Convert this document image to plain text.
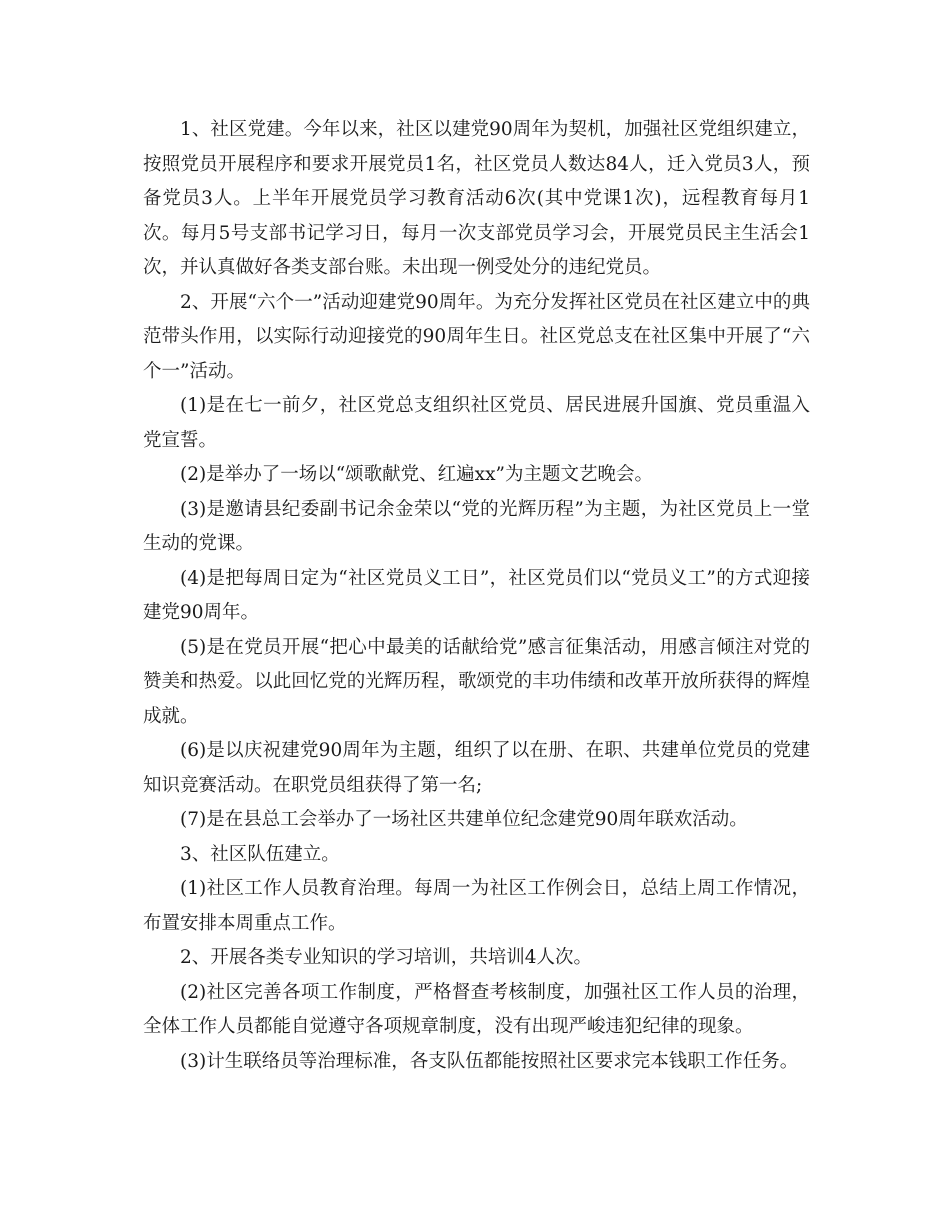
1、社区党建。今年以来，社区以建党90周年为契机，加强社区党组织建立，按照党员开展程序和要求开展党员1名，社区党员人数达84人，迁入党员3人，预备党员3人。上半年开展党员学习教育活动6次(其中党课1次)，远程教育每月1次。每月5号支部书记学习日，每月一次支部党员学习会，开展党员民主生活会1次，并认真做好各类支部台账。未出现一例受处分的违纪党员。

2、开展“六个一”活动迎建党90周年。为充分发挥社区党员在社区建立中的典范带头作用，以实际行动迎接党的90周年生日。社区党总支在社区集中开展了“六个一”活动。

(1)是在七一前夕，社区党总支组织社区党员、居民进展升国旗、党员重温入党宣誓。

(2)是举办了一场以“颂歌献党、红遍xx”为主题文艺晚会。

(3)是邀请县纪委副书记余金荣以“党的光辉历程”为主题，为社区党员上一堂生动的党课。

(4)是把每周日定为“社区党员义工日”，社区党员们以“党员义工”的方式迎接建党90周年。

(5)是在党员开展“把心中最美的话献给党”感言征集活动，用感言倾注对党的赞美和热爱。以此回忆党的光辉历程，歌颂党的丰功伟绩和改革开放所获得的辉煌成就。

(6)是以庆祝建党90周年为主题，组织了以在册、在职、共建单位党员的党建知识竞赛活动。在职党员组获得了第一名;

(7)是在县总工会举办了一场社区共建单位纪念建党90周年联欢活动。

3、社区队伍建立。

(1)社区工作人员教育治理。每周一为社区工作例会日，总结上周工作情况，布置安排本周重点工作。

2、开展各类专业知识的学习培训，共培训4人次。

(2)社区完善各项工作制度，严格督查考核制度，加强社区工作人员的治理，全体工作人员都能自觉遵守各项规章制度，没有出现严峻违犯纪律的现象。

(3)计生联络员等治理标准，各支队伍都能按照社区要求完本钱职工作任务。
